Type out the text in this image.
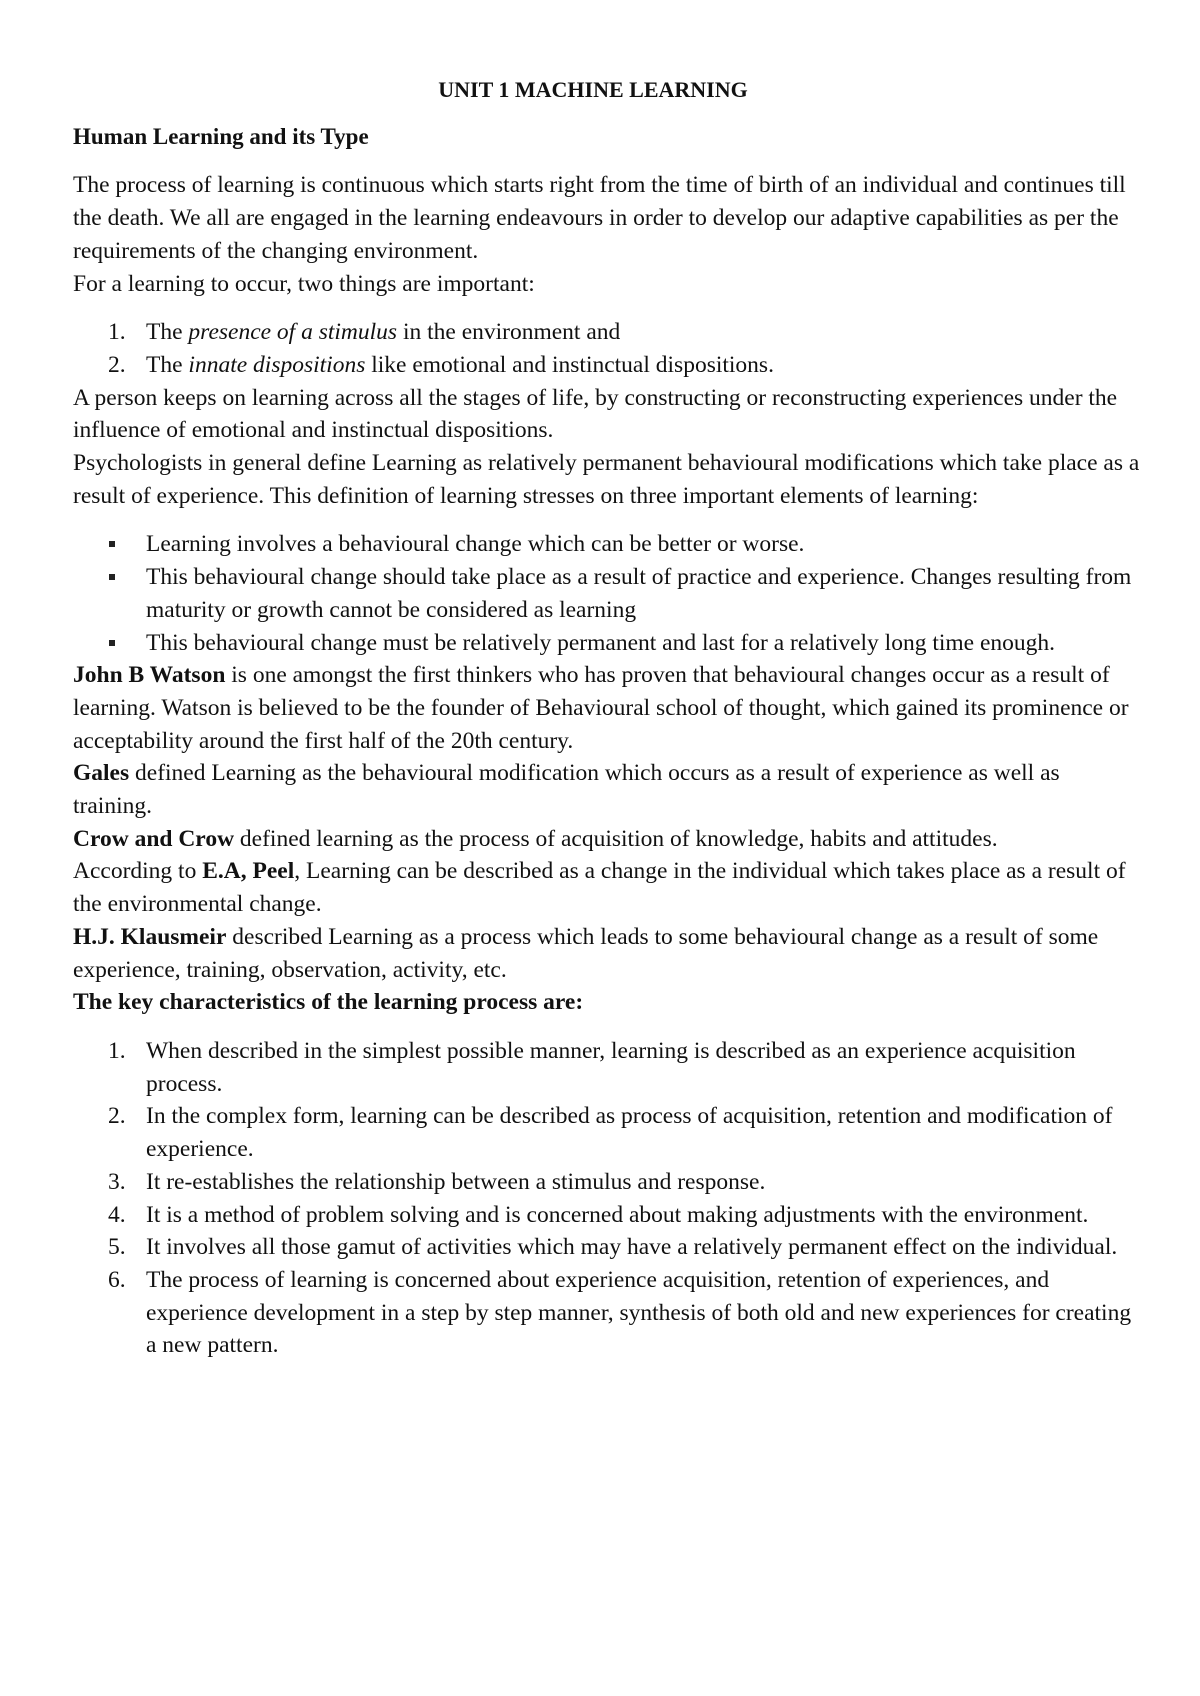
UNIT 1 MACHINE LEARNING
Human Learning and its Type

The process of learning is continuous which starts right from the time of birth of an individual and continues till the death. We all are engaged in the learning endeavours in order to develop our adaptive capabilities as per the requirements of the changing environment.

For a learning to occur, two things are important:

1. The presence of a stimulus in the environment and
2. The innate dispositions like emotional and instinctual dispositions.

A person keeps on learning across all the stages of life, by constructing or reconstructing experiences under the influence of emotional and instinctual dispositions.

Psychologists in general define Learning as relatively permanent behavioural modifications which take place as a result of experience. This definition of learning stresses on three important elements of learning:

Learning involves a behavioural change which can be better or worse.
This behavioural change should take place as a result of practice and experience. Changes resulting from maturity or growth cannot be considered as learning
This behavioural change must be relatively permanent and last for a relatively long time enough.

John B Watson is one amongst the first thinkers who has proven that behavioural changes occur as a result of learning. Watson is believed to be the founder of Behavioural school of thought, which gained its prominence or acceptability around the first half of the 20th century.

Gales defined Learning as the behavioural modification which occurs as a result of experience as well as training.

Crow and Crow defined learning as the process of acquisition of knowledge, habits and attitudes.

According to E.A, Peel, Learning can be described as a change in the individual which takes place as a result of the environmental change.

H.J. Klausmeir described Learning as a process which leads to some behavioural change as a result of some experience, training, observation, activity, etc.

The key characteristics of the learning process are:

1. When described in the simplest possible manner, learning is described as an experience acquisition process.
2. In the complex form, learning can be described as process of acquisition, retention and modification of experience.
3. It re-establishes the relationship between a stimulus and response.
4. It is a method of problem solving and is concerned about making adjustments with the environment.
5. It involves all those gamut of activities which may have a relatively permanent effect on the individual.
6. The process of learning is concerned about experience acquisition, retention of experiences, and experience development in a step by step manner, synthesis of both old and new experiences for creating a new pattern.
